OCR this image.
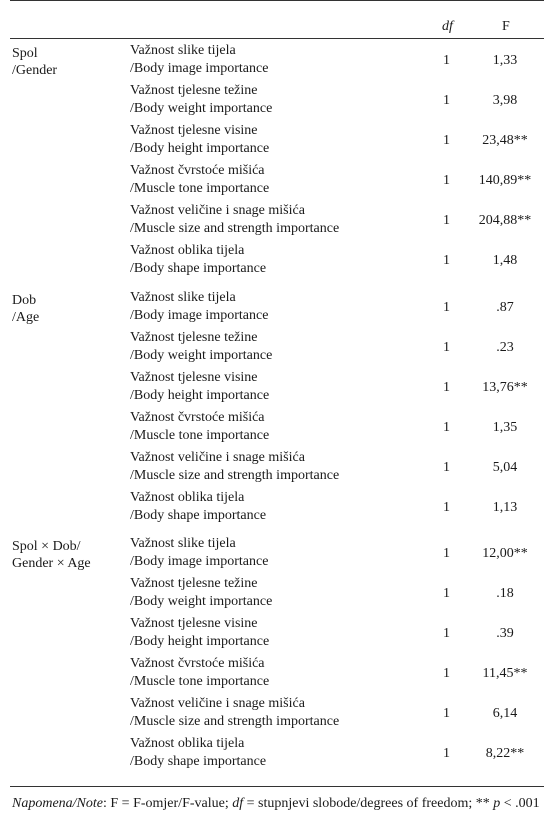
df	F
Spol
/Gender
Važnost slike tijela
/Body image importance
1	1,33
Važnost tjelesne težine
/Body weight importance
1	3,98
Važnost tjelesne visine
/Body height importance
1	23,48**
Važnost čvrstoće mišića
/Muscle tone importance
1	140,89**
Važnost veličine i snage mišića
/Muscle size and strength importance
1	204,88**
Važnost oblika tijela
/Body shape importance
1	1,48
Dob
/Age
Važnost slike tijela
/Body image importance
1	.87
Važnost tjelesne težine
/Body weight importance
1	.23
Važnost tjelesne visine
/Body height importance
1	13,76**
Važnost čvrstoće mišića
/Muscle tone importance
1	1,35
Važnost veličine i snage mišića
/Muscle size and strength importance
1	5,04
Važnost oblika tijela
/Body shape importance
1	1,13
Spol × Dob/
Gender × Age
Važnost slike tijela
/Body image importance
1	12,00**
Važnost tjelesne težine
/Body weight importance
1	.18
Važnost tjelesne visine
/Body height importance
1	.39
Važnost čvrstoće mišića
/Muscle tone importance
1	11,45**
Važnost veličine i snage mišića
/Muscle size and strength importance
1	6,14
Važnost oblika tijela
/Body shape importance
1	8,22**
Napomena/Note: F = F-omjer/F-value; df = stupnjevi slobode/degrees of freedom; ** p < .001
